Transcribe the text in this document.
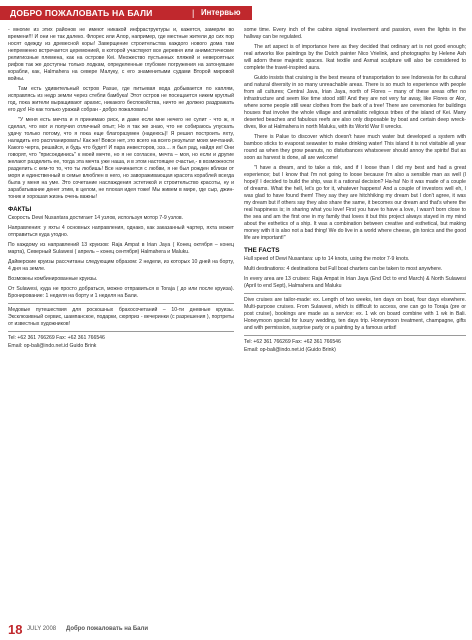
ДОБРО ПОЖАЛОВАТЬ НА БАЛИ	| Интервью

- многие из этих районов не имеют никакой инфраструктуры и, кажется, замерли во времени!!! И они не так далеко. Флорес или Алор, например, где местные жители до сих пор носят одежду из древесной коры! Заверщение строительства каждого нового дома там непременно встречается церемонией, в которой участвуют все деревня или анимистические религиозные племена, как на острове Кеі. Множество пустынных пляжей и невероятных рифов так же доступны только лодкам, определенные глубокие погружения на затонувшие корабли, как, Halmahera на севере Малуку, с его знаменитыми судами Второй мировой войны.

Там есть удивительный остров Pasue, где питьевая вода добывается по каплям, исправлясь из недр земли через стебли бамбука! Этот остров не посещается никем круглый год, пока жители выращивают арахис, никакого беспокойства, ничто не должно раздражать его дух! Но как только уражай собран - добро пожаловать!

"У меня есть мечта и я принимаю риск, и даже если мне нечего не сулит - что ж, я сделал, что мог и получил отличный опыт; Но я так же знаю, что не собираюсь упускать удачу только потому, что я пока еще благоразумен (надеюсь)! Я решил построить яхту, наладить его распланировать! Как же! Вовсе нет, это всего на всего результат моих мечтаний. Какого черта, решайся, и будь что будет! И пара инвесторов, эээ.... я был рад, найдя их! Они говорят, что "присоединись" к моей мечте, но я не согласен, мечта – моя, но если и другие желают разделить ее, тогда эта мечта уже наша, и в этом настоящее счастье,- в возможности разделить с кем-то то, что ты любишь! Все начинается с любви, я не был рожден вблизи от моря и единственный в семье влюблен в него, но завораживающая красота кораблей всегда была у меня на уме. Это сочетание наслаждения эстетикой и строительство красоты, ну и зарабатывание денег этим, в целом, не плохая идея тоже! Мы живем в мире, где сыр, джин-тоник и хорошая жизнь очень важны!

ФАКТЫ

Скорость Dewi Nusantara достигает 14 узлов, используя мотор 7-9 узлов.

Направления: у яхты 4 основных направления, однако, как заказанный чартер, яхта может отправиться куда угодно.

По каждому из направлений 13 круизов: Raja Ampat в Irian Jaya ( Конец октября – конец марта), Северный Sulawesi ( апрель – конец сентября) Halmahera и Maluku.

Дайверские круизы рассчитаны следующим образом: 2 недели, из которых 10 дней на борту, 4 дня на земле.

Возможны комбинированные круизы.

От Sulawesi, куда не просто добраться, можно отправиться в Toraja ( до или после круиза). Бронирование: 1 неделя на борту и 1 неделя на Бали.

Медовые путешествия для роскошных брахосочетаний – 10-ти дневные круизы. Эксклюзивный сервис, шампанское, подарки, сюрприз - вечеринки (с разрешения ), портреты от известных художников!

Tel: +62 361 766269 Fax: +62 361 766546

Email: op-bali@indo.net.id Guido Brink

some time. Every inch of the cabins signal involvement and passion, even the lights in the hallway can be regulated.

The art aspect is of importance here as they decided that ordinary art is not good enough; real artworks like paintings by the Dutch painter Nico Vrielink, and photographs by Helene Ash will adorn these majestic spaces. Ikat textile and Asmat sculpture will also be considered to complete the travel-inspired aura.

Guido insists that cruising is the best means of transportation to see Indonesia for its cultural and natural diversity in so many unreachable areas. There is so much to experience with people from all cultures; Central Java, Irian Jaya, north of Flores – many of these areas offer no infrastructure and seem like time stood still! And they are not very far away, like Flores or Alor, where some people still wear clothes from the bark of a tree! There are ceremonies for buildings houses that involve the whole village and animalistic religious tribes of the island of Kei. Many deserted beaches and fabulous reefs are also only disposable by boat and certain deep wreck-dives, like at Halmahera in north Maluku, with its World War II wrecks.

There is Palue to discover which doesn't have much water but developed a system with bamboo sticks to evaporat seawater to make drinking water! This island it is not visitable all year round as when they grow peanuts, no disturbances whatsoever should annoy the spirits! But as soon as harvest is done, all are welcome!

"I have a dream, and to take a risk, and if I loose than I did my best and had a great experience; but I know that I'm not going to loose because I'm also a sensible man as well (I hope)! I decided to build the ship, was it a rational decision? Ha-ha! No it was made of a couple of dreams. What the hell, let's go for it, whatever happens! And a couple of investors well eh, I was glad to have found them! They say they are hitchhiking my dream but I don't agree, it was my dream but if others say they also share the same, it becomes our dream and that's where the real happiness is; in sharing what you love! First you have to have a love, I wasn't born close to the sea and am the first one in my family that loves it but this project always stayed in my mind about the esthetics of a ship. It was a combination between creative and esthetical, but making money with it is also not a bad thing! We do live in a world where cheese, gin tonics and the good life are important!"

THE FACTS

Hull speed of Dewi Nusantara: up to 14 knots, using the motor 7-9 knots.

Multi destinations: 4 destinations but Full boat charters can be taken to most anywhere.

In every area are 13 cruises: Raja Ampat in Irian Jaya (End Oct to end March) & North Sulawesi (April to end Sept), Halmahera and Maluku

Dive cruises are tailor-made: ex. Length of two weeks, ten days on boat, four days elsewhere. Multi-purpose cruises. From Sulawesi, which is difficult to access, one can go to Toraja (pre or post cruise), bookings are made as a service: ex. 1 wk on board combine with 1 wk in Bali. Honeymoon special for luxury wedding, ten days trip. Honeymoon treatment, champagne, gifts and with permission, surprise party or a painting by a famous artist!

Tel: +62 361 766269 Fax: +62 361 766546

Email: op-bali@indo.net.id (Guido Brink)

18 JULY 2008 Добро пожаловать на Бали
